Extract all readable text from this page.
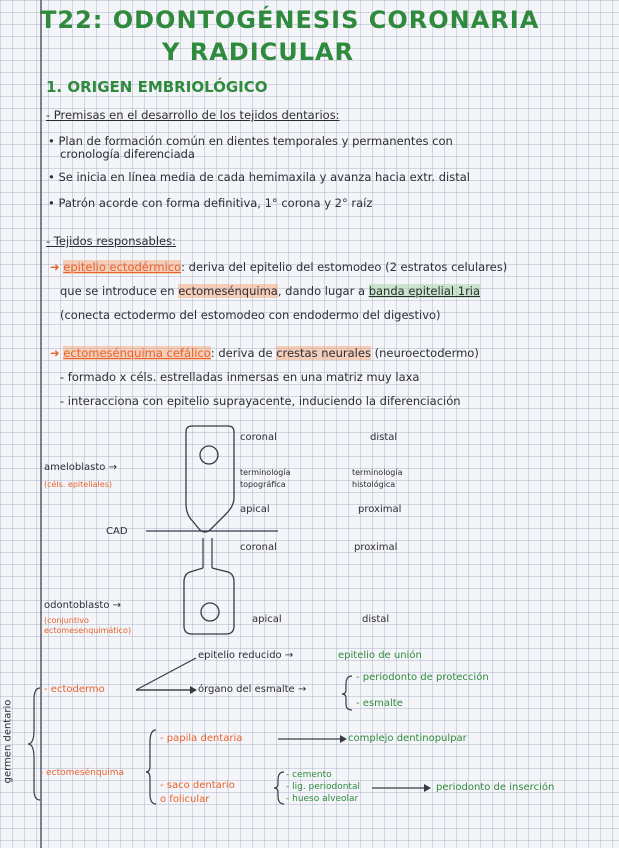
T22: ODONTOGÉNESIS CORONARIA
Y RADICULAR
1. ORIGEN EMBRIOLÓGICO
- Premisas en el desarrollo de los tejidos dentarios:
• Plan de formación común en dientes temporales y permanentes con
cronología diferenciada
• Se inicia en línea media de cada hemimaxila y avanza hacia extr. distal
• Patrón acorde con forma definitiva, 1° corona y 2° raíz
- Tejidos responsables:
➜ epitelio ectodérmico: deriva del epitelio del estomodeo (2 estratos celulares)
que se introduce en ectomesénquima, dando lugar a banda epitelial 1ria
(conecta ectodermo del estomodeo con endodermo del digestivo)
➜ ectomesénquima cefálico: deriva de crestas neurales (neuroectodermo)
- formado x céls. estrelladas inmersas en una matriz muy laxa
- interacciona con epitelio suprayacente, induciendo la diferenciación
ameloblasto →
(céls. epiteliales)
CAD
odontoblasto →
(conjuntivo
ectomesenquimático)
coronal	distal
terminología
topográfica
terminología
histológica
apical	proximal
coronal	proximal
apical	distal
germen dentario
- ectodermo
epitelio reducido →	epitelio de unión
órgano del esmalte →
- periodonto de protección
- esmalte
- ectomesénquima
- papila dentaria	complejo dentinopulpar
- saco dentario
o folicular
- cemento
- lig. periodontal
- hueso alveolar
periodonto de inserción
